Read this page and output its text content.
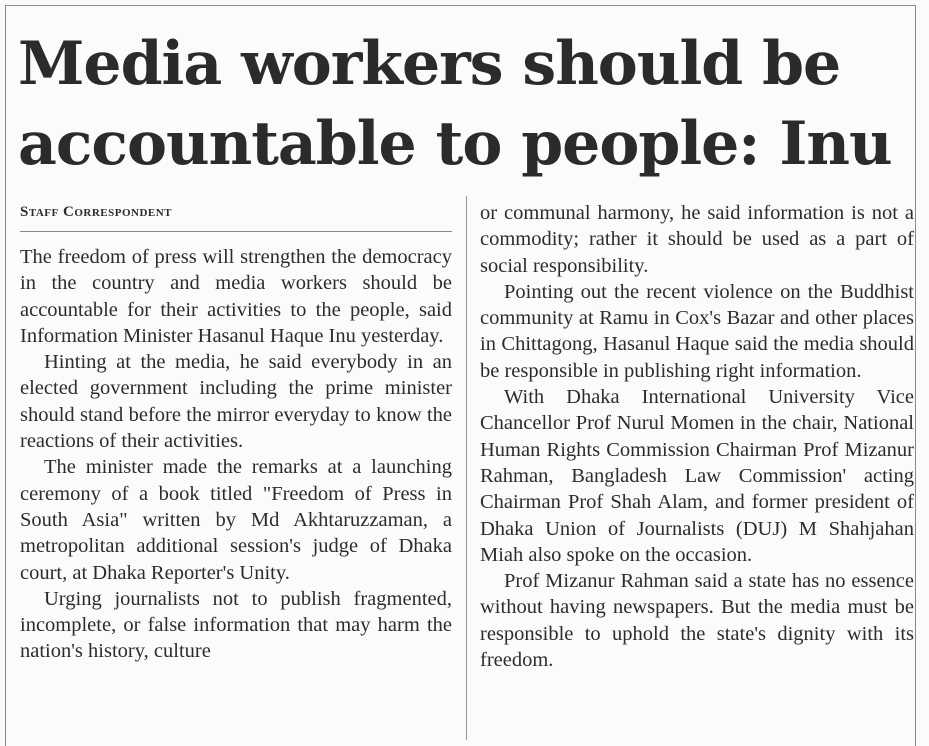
Media workers should be
accountable to people: Inu
Staff Correspondent

The freedom of press will strengthen the democracy in the country and media workers should be accountable for their activities to the people, said Information Minister Hasanul Haque Inu yesterday.

Hinting at the media, he said everybody in an elected government including the prime minister should stand before the mirror everyday to know the reactions of their activities.

The minister made the remarks at a launching ceremony of a book titled "Freedom of Press in South Asia" written by Md Akhtaruzzaman, a metropolitan additional session's judge of Dhaka court, at Dhaka Reporter's Unity.

Urging journalists not to publish fragmented, incomplete, or false information that may harm the nation's history, culture

or communal harmony, he said information is not a commodity; rather it should be used as a part of social responsibility.

Pointing out the recent violence on the Buddhist community at Ramu in Cox's Bazar and other places in Chittagong, Hasanul Haque said the media should be responsible in publishing right information.

With Dhaka International University Vice Chancellor Prof Nurul Momen in the chair, National Human Rights Commission Chairman Prof Mizanur Rahman, Bangladesh Law Commission' acting Chairman Prof Shah Alam, and former president of Dhaka Union of Journalists (DUJ) M Shahjahan Miah also spoke on the occasion.

Prof Mizanur Rahman said a state has no essence without having newspapers. But the media must be responsible to uphold the state's dignity with its freedom.
